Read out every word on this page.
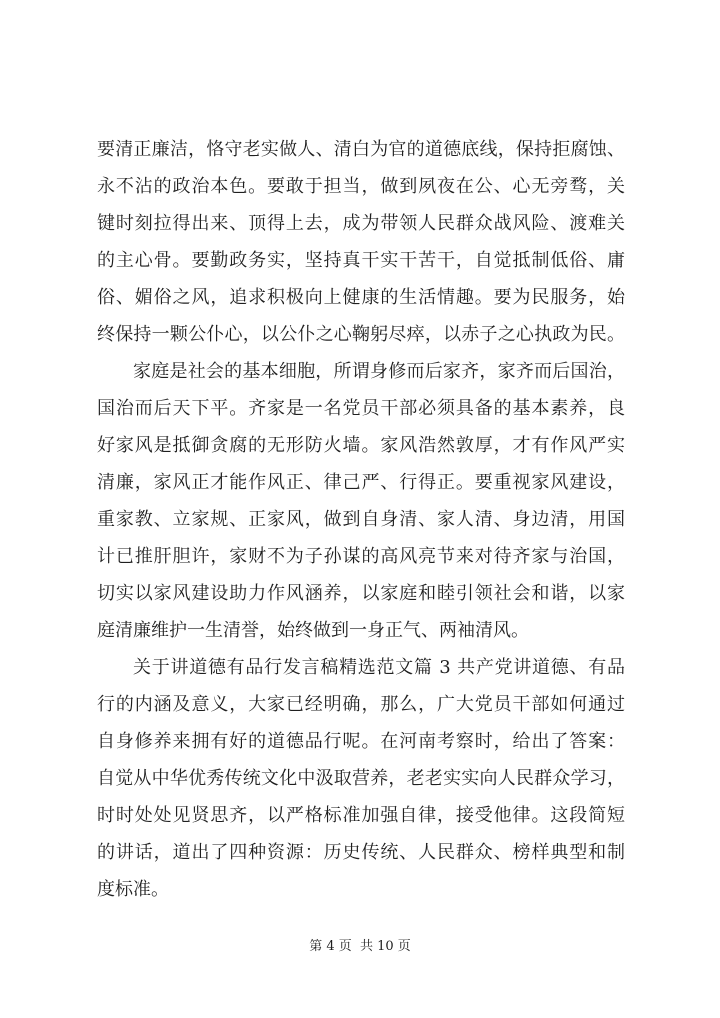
要清正廉洁，恪守老实做人、清白为官的道德底线，保持拒腐蚀、
永不沾的政治本色。要敢于担当，做到夙夜在公、心无旁骛，关
键时刻拉得出来、顶得上去，成为带领人民群众战风险、渡难关
的主心骨。要勤政务实，坚持真干实干苦干，自觉抵制低俗、庸
俗、媚俗之风，追求积极向上健康的生活情趣。要为民服务，始
终保持一颗公仆心，以公仆之心鞠躬尽瘁，以赤子之心执政为民。
家庭是社会的基本细胞，所谓身修而后家齐，家齐而后国治，
国治而后天下平。齐家是一名党员干部必须具备的基本素养，良
好家风是抵御贪腐的无形防火墙。家风浩然敦厚，才有作风严实
清廉，家风正才能作风正、律己严、行得正。要重视家风建设，
重家教、立家规、正家风，做到自身清、家人清、身边清，用国
计已推肝胆许，家财不为子孙谋的高风亮节来对待齐家与治国，
切实以家风建设助力作风涵养，以家庭和睦引领社会和谐，以家
庭清廉维护一生清誉，始终做到一身正气、两袖清风。
关于讲道德有品行发言稿精选范文篇 3 共产党讲道德、有品
行的内涵及意义，大家已经明确，那么，广大党员干部如何通过
自身修养来拥有好的道德品行呢。在河南考察时，给出了答案：
自觉从中华优秀传统文化中汲取营养，老老实实向人民群众学习，
时时处处见贤思齐，以严格标准加强自律，接受他律。这段简短
的讲话，道出了四种资源：历史传统、人民群众、榜样典型和制
度标准。
第 4 页  共 10 页
